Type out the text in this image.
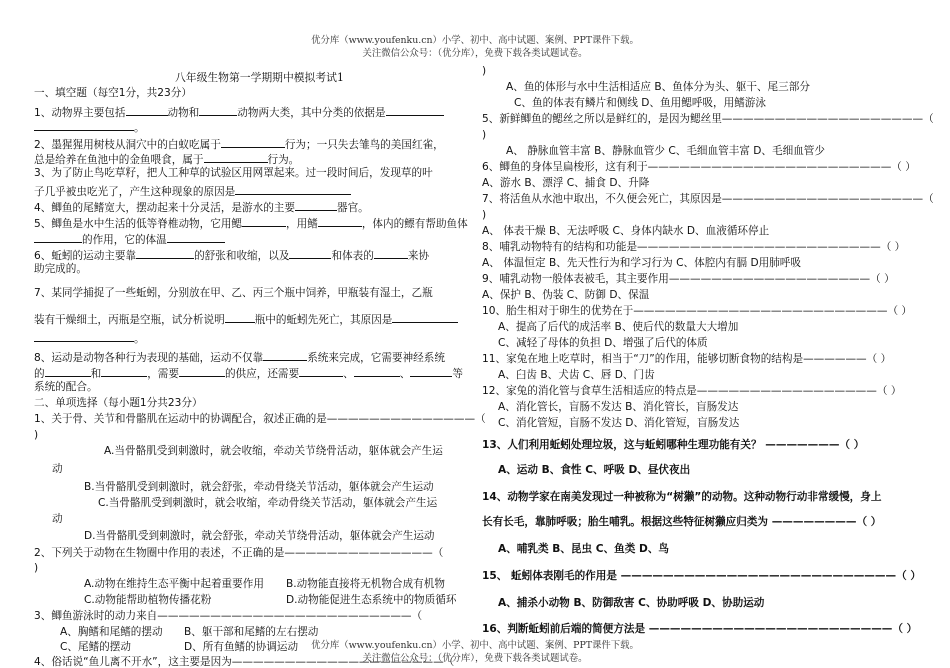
优分库（www.youfenku.cn）小学、初中、高中试题、案例、PPT课件下载。
关注微信公众号：（优分库），免费下载各类试题试卷。
八年级生物第一学期期中模拟考试1
一、填空题（每空1分，共23分）
1、动物界主要包括	动物和	动物两大类，其中分类的依据是
。
2、墨猩猩用树枝从洞穴中的白蚁吃属于	行为；一只失去雏鸟的美国红雀，
总是给养在鱼池中的金鱼喂食，属于	行为。
3、为了防止鸟吃草籽，把人工种草的试验区用网罩起来。过一段时间后，发现草的叶
子几乎被虫吃光了，产生这种现象的原因是
4、鲫鱼的尾鳍宽大，摆动起来十分灵活，是游水的主要	器官。
5、鲫鱼是水中生活的低等脊椎动物，它用鳃	，用鳍	，体内的鳔有帮助鱼体
的作用，它的体温
6、蚯蚓的运动主要靠	的舒张和收缩，以及	和体表的	来协
助完成的。
7、某同学捕捉了一些蚯蚓，分别放在甲、乙、丙三个瓶中饲养，甲瓶装有湿土，乙瓶
装有干燥细土，丙瓶是空瓶，试分析说明	瓶中的蚯蚓先死亡，其原因是
。
8、运动是动物各种行为表现的基础，运动不仅靠	系统来完成，它需要神经系统
的	和	，需要	的供应，还需要	、	、	等
系统的配合。
二、单项选择（每小题1分共23分）
1、关于骨、关节和骨骼肌在运动中的协调配合，叙述正确的是——————————————（
)
A.当骨骼肌受到刺激时，就会收缩，牵动关节绕骨活动，躯体就会产生运
动
B.当骨骼肌受到刺激时，就会舒张，牵动骨绕关节活动，躯体就会产生运动
C.当骨骼肌受到刺激时，就会收缩，牵动骨绕关节活动，躯体就会产生运
动
D.当骨骼肌受到刺激时，就会舒张，牵动关节绕骨活动，躯体就会产生运动
2、下列关于动物在生物圈中作用的表述，不正确的是——————————————（
)
A.动物在维持生态平衡中起着重要作用 B.动物能直接将无机物合成有机物
C.动物能帮助植物传播花粉	D.动物能促进生态系统中的物质循环
3、鲫鱼游泳时的动力来自————————————————————————（
A、胸鳍和尾鳍的摆动 B、躯干部和尾鳍的左右摆动
C、尾鳍的摆动	D、所有鱼鳍的协调运动
4、俗话说“鱼儿离不开水”，这主要是因为————————————————————（
)
A、鱼的体形与水中生活相适应 B、鱼体分为头、躯干、尾三部分
C、鱼的体表有鳞片和侧线 D、鱼用鳃呼吸，用鳍游泳
5、新鲜鲫鱼的鳃丝之所以是鲜红的，是因为鳃丝里———————————————————（
)
A、 静脉血管丰富 B、静脉血管少 C、毛细血管丰富 D、毛细血管少
6、鲫鱼的身体呈扁梭形，这有利于———————————————————————（ ）
A、游水 B、漂浮 C、捕食 D、升降
7、将活鱼从水池中取出，不久便会死亡，其原因是———————————————————（
)
A、 体表干燥 B、无法呼吸 C、身体内缺水 D、血液循环停止
8、哺乳动物特有的结构和功能是———————————————————————（ ）
A、 体温恒定 B、先天性行为和学习行为 C、体腔内有膈 D用肺呼吸
9、哺乳动物一般体表被毛，其主要作用———————————————————（ ）
A、保护 B、伪装 C、防御 D、保温
10、胎生相对于卵生的优势在于————————————————————————（ ）
A、提高了后代的成活率 B、使后代的数量大大增加
C、减轻了母体的负担 D、增强了后代的体质
11、家兔在地上吃草时，相当于“刀”的作用，能够切断食物的结构是——————（ ）
A、臼齿 B、犬齿 C、唇 D、门齿
12、家兔的消化管与食草生活相适应的特点是—————————————————（ ）
A、消化管长，盲肠不发达 B、消化管长，盲肠发达
C、消化管短，盲肠不发达 D、消化管短，盲肠发达
13、人们利用蚯蚓处理垃圾，这与蚯蚓哪种生理功能有关？ ———————（ ）
A、运动 B、食性 C、呼吸 D、昼伏夜出
14、动物学家在南美发现过一种被称为“树獭”的动物。这种动物行动非常缓慢，身上
长有长毛，靠肺呼吸；胎生哺乳。根据这些特征树獭应归类为 ————————（ ）
A、哺乳类 B、昆虫 C、鱼类 D、鸟
15、 蚯蚓体表刚毛的作用是 ——————————————————————————（ ）
A、捕杀小动物 B、防御敌害 C、协助呼吸 D、协助运动
16、判断蚯蚓前后端的简便方法是 ———————————————————————（ ）
优分库（www.youfenku.cn）小学、初中、高中试题、案例、PPT课件下载。
关注微信公众号：（优分库），免费下载各类试题试卷。
